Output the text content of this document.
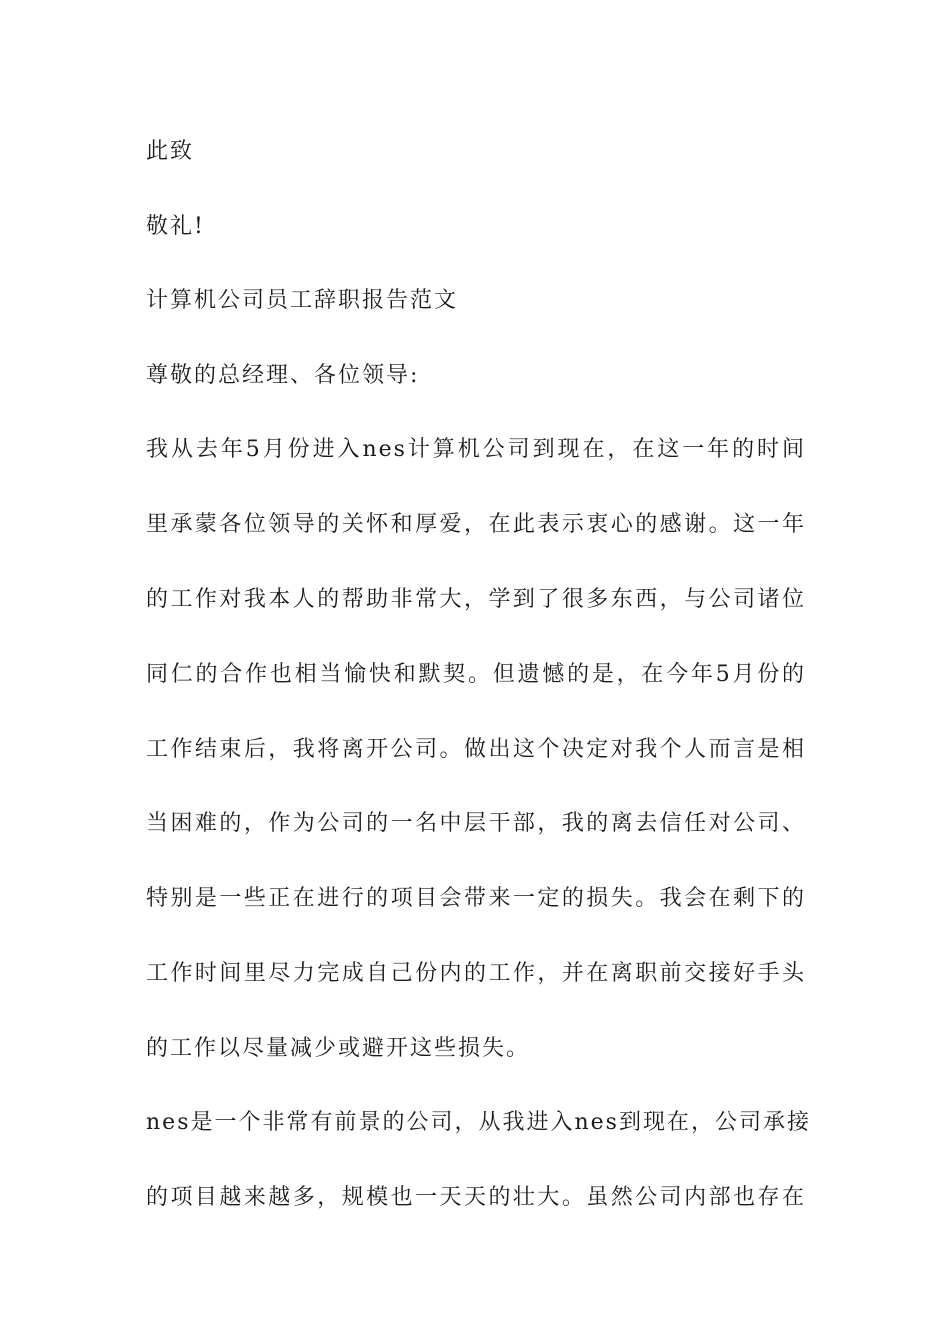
此致

敬礼!

计算机公司员工辞职报告范文

尊敬的总经理、各位领导:

我从去年5月份进入nes计算机公司到现在，在这一年的时间

里承蒙各位领导的关怀和厚爱，在此表示衷心的感谢。这一年

的工作对我本人的帮助非常大，学到了很多东西，与公司诸位

同仁的合作也相当愉快和默契。但遗憾的是，在今年5月份的

工作结束后，我将离开公司。做出这个决定对我个人而言是相

当困难的，作为公司的一名中层干部，我的离去信任对公司、

特别是一些正在进行的项目会带来一定的损失。我会在剩下的

工作时间里尽力完成自己份内的工作，并在离职前交接好手头

的工作以尽量减少或避开这些损失。

nes是一个非常有前景的公司，从我进入nes到现在，公司承接

的项目越来越多，规模也一天天的壮大。虽然公司内部也存在
